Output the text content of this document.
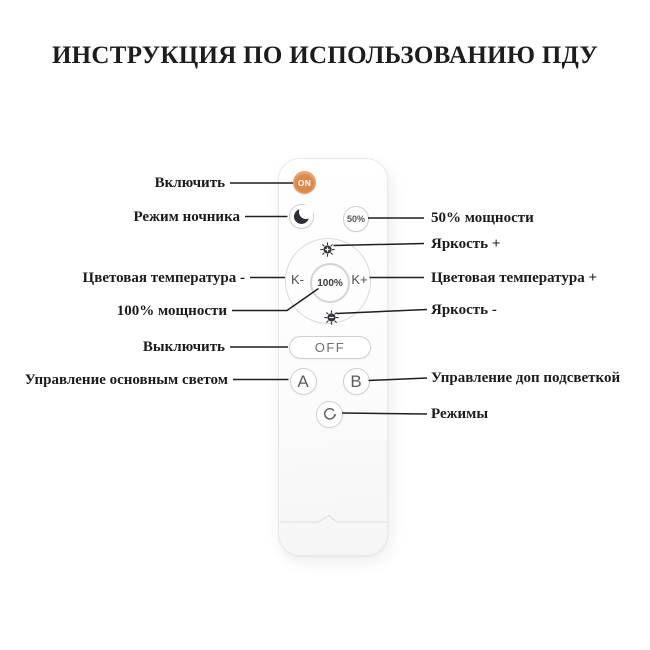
ИНСТРУКЦИЯ ПО ИСПОЛЬЗОВАНИЮ ПДУ
Включить
Режим ночника
Цветовая температура -
100% мощности
Выключить
Управление основным светом
50% мощности
Яркость +
Цветовая температура +
Яркость -
Управление доп подсветкой
Режимы
ON
50%
K-	100% K+
OFF
A B
